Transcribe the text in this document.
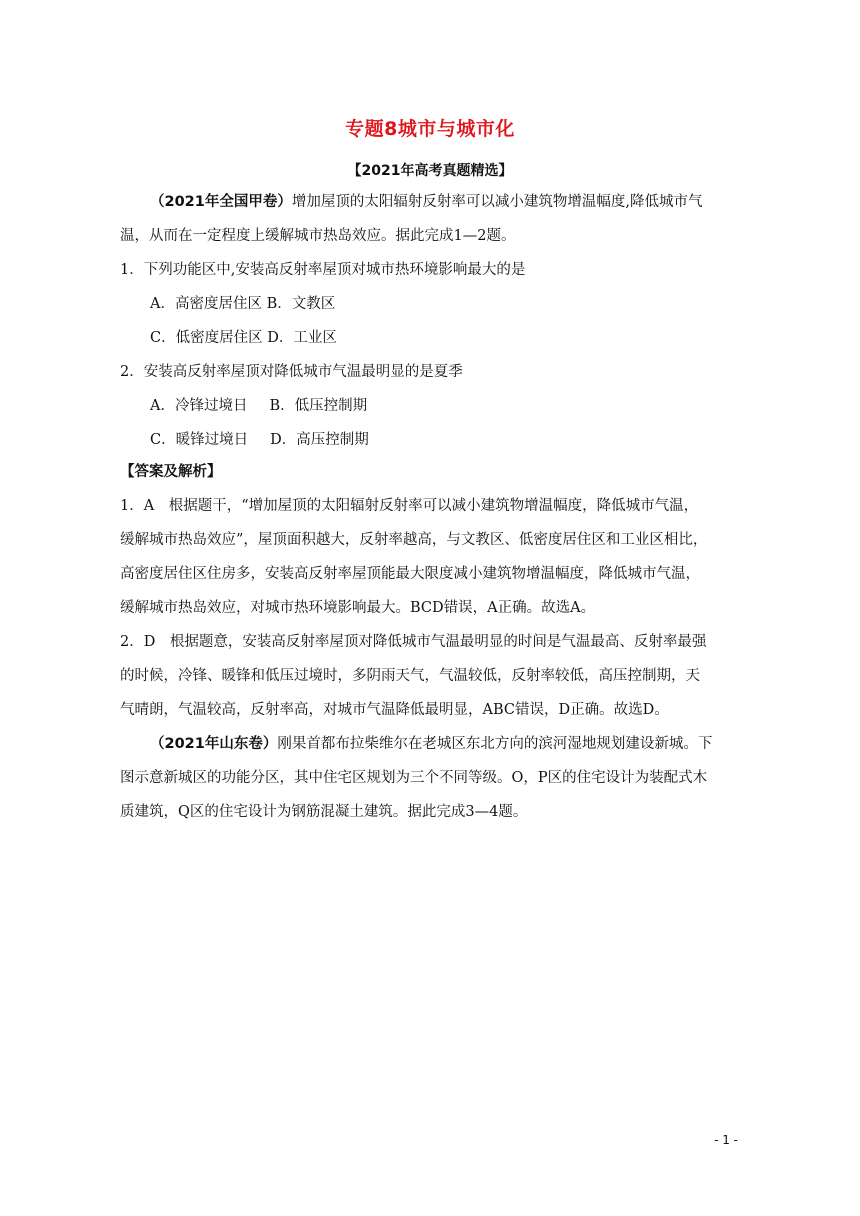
专题8城市与城市化
【2021年高考真题精选】
（2021年全国甲卷）增加屋顶的太阳辐射反射率可以减小建筑物增温幅度,降低城市气
温，从而在一定程度上缓解城市热岛效应。据此完成1—2题。
1．下列功能区中,安装高反射率屋顶对城市热环境影响最大的是
A．高密度居住区 B．文教区
C．低密度居住区 D．工业区
2．安装高反射率屋顶对降低城市气温最明显的是夏季
A．冷锋过境日 B．低压控制期
C．暖锋过境日 D．高压控制期
【答案及解析】
1．A　根据题干，“增加屋顶的太阳辐射反射率可以减小建筑物增温幅度，降低城市气温，
缓解城市热岛效应”，屋顶面积越大，反射率越高，与文教区、低密度居住区和工业区相比，
高密度居住区住房多，安装高反射率屋顶能最大限度减小建筑物增温幅度，降低城市气温，
缓解城市热岛效应，对城市热环境影响最大。BCD错误，A正确。故选A。
2．D　根据题意，安装高反射率屋顶对降低城市气温最明显的时间是气温最高、反射率最强
的时候，冷锋、暖锋和低压过境时，多阴雨天气，气温较低，反射率较低，高压控制期，天
气晴朗，气温较高，反射率高，对城市气温降低最明显，ABC错误，D正确。故选D。
（2021年山东卷）刚果首都布拉柴维尔在老城区东北方向的滨河湿地规划建设新城。下
图示意新城区的功能分区，其中住宅区规划为三个不同等级。O，P区的住宅设计为装配式木
质建筑，Q区的住宅设计为钢筋混凝土建筑。据此完成3—4题。
- 1 -
